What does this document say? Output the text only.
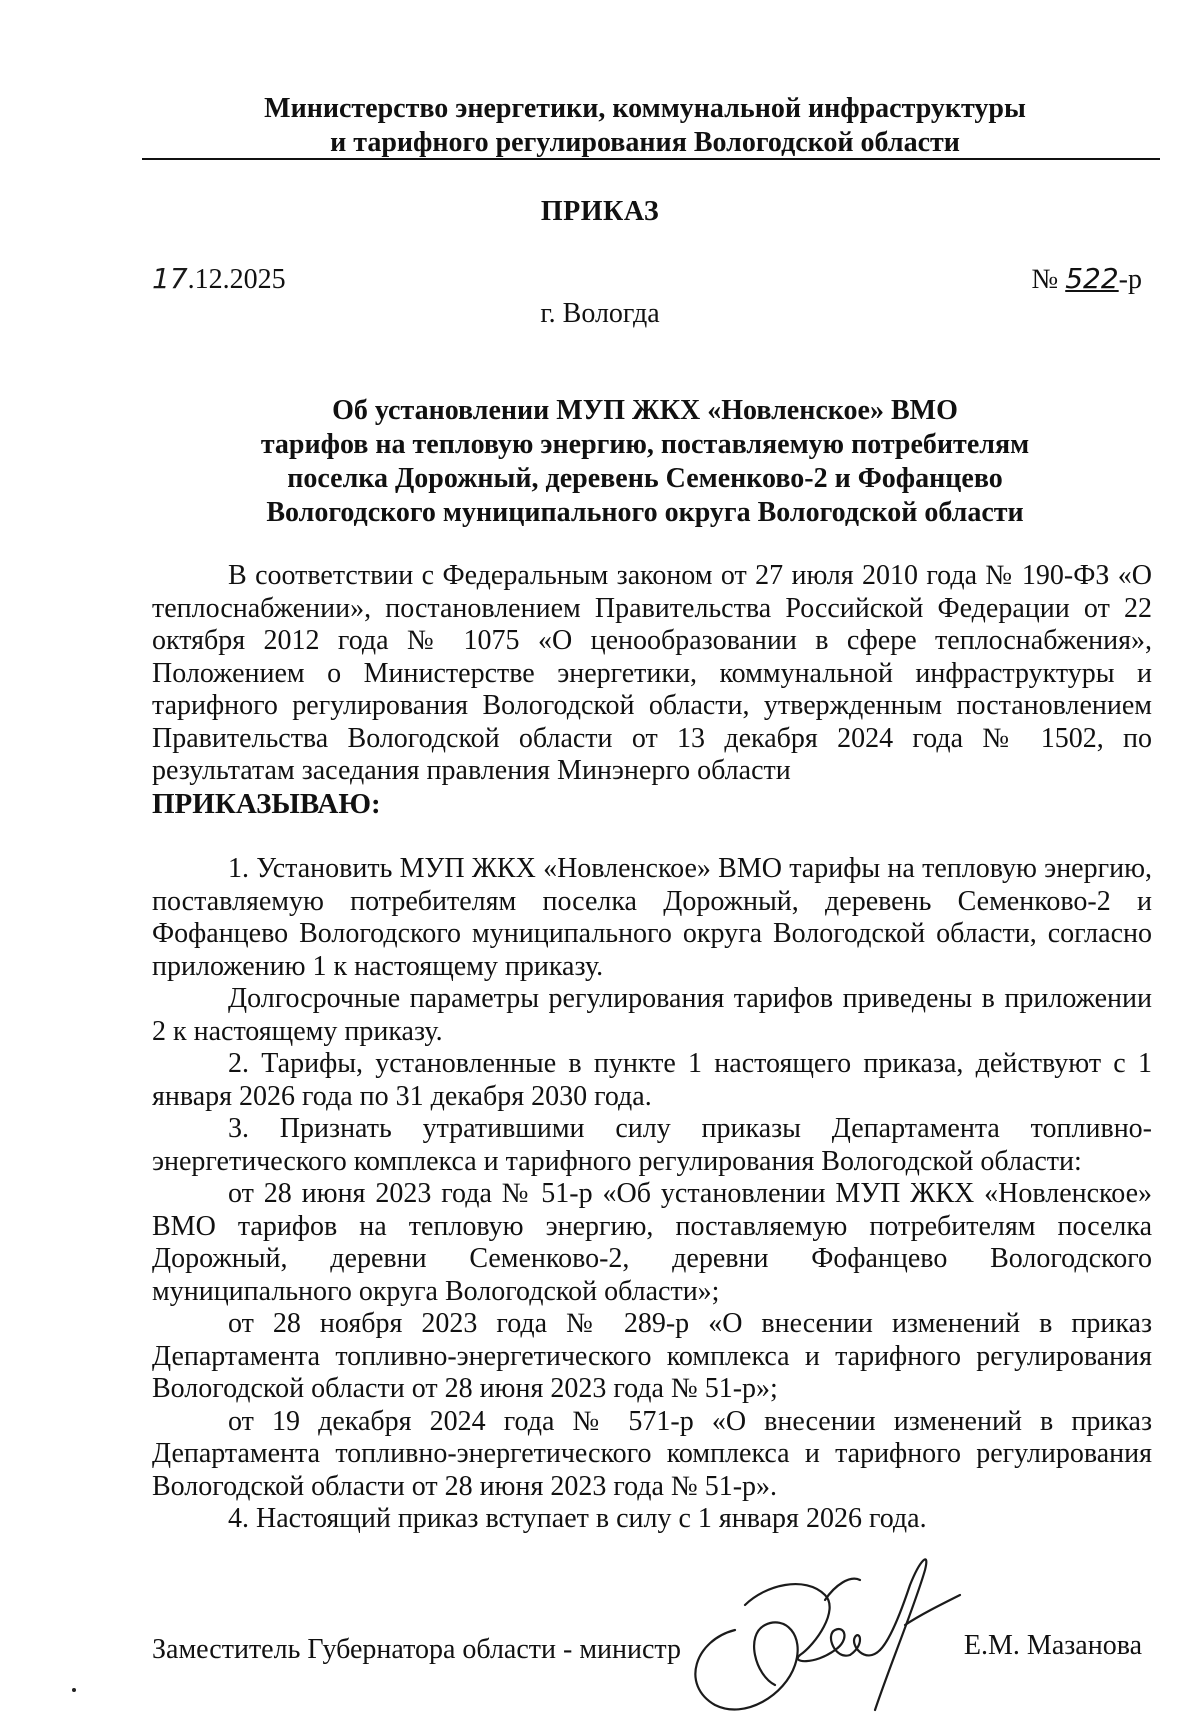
Министерство энергетики, коммунальной инфраструктуры
и тарифного регулирования Вологодской области
ПРИКАЗ
17.12.2025	№ 522-р
г. Вологда
Об установлении МУП ЖКХ «Новленское» ВМО
тарифов на тепловую энергию, поставляемую потребителям
поселка Дорожный, деревень Семенково-2 и Фофанцево
Вологодского муниципального округа Вологодской области

В соответствии с Федеральным законом от 27 июля 2010 года № 190-ФЗ «О теплоснабжении», постановлением Правительства Российской Федерации от 22 октября 2012 года № 1075 «О ценообразовании в сфере теплоснабжения», Положением о Министерстве энергетики, коммунальной инфраструктуры и тарифного регулирования Вологодской области, утвержденным постановлением Правительства Вологодской области от 13 декабря 2024 года № 1502, по результатам заседания правления Минэнерго области

ПРИКАЗЫВАЮ:

1. Установить МУП ЖКХ «Новленское» ВМО тарифы на тепловую энергию, поставляемую потребителям поселка Дорожный, деревень Семенково-2 и Фофанцево Вологодского муниципального округа Вологодской области, согласно приложению 1 к настоящему приказу.

Долгосрочные параметры регулирования тарифов приведены в приложении 2 к настоящему приказу.

2. Тарифы, установленные в пункте 1 настоящего приказа, действуют с 1 января 2026 года по 31 декабря 2030 года.

3. Признать утратившими силу приказы Департамента топливно-энергетического комплекса и тарифного регулирования Вологодской области:

от 28 июня 2023 года № 51-р «Об установлении МУП ЖКХ «Новленское» ВМО тарифов на тепловую энергию, поставляемую потребителям поселка Дорожный, деревни Семенково-2, деревни Фофанцево Вологодского муниципального округа Вологодской области»;

от 28 ноября 2023 года № 289-р «О внесении изменений в приказ Департамента топливно-энергетического комплекса и тарифного регулирования Вологодской области от 28 июня 2023 года № 51-р»;

от 19 декабря 2024 года № 571-р «О внесении изменений в приказ Департамента топливно-энергетического комплекса и тарифного регулирования Вологодской области от 28 июня 2023 года № 51-р».

4. Настоящий приказ вступает в силу с 1 января 2026 года.

Заместитель Губернатора области - министр	Е.М. Мазанова
